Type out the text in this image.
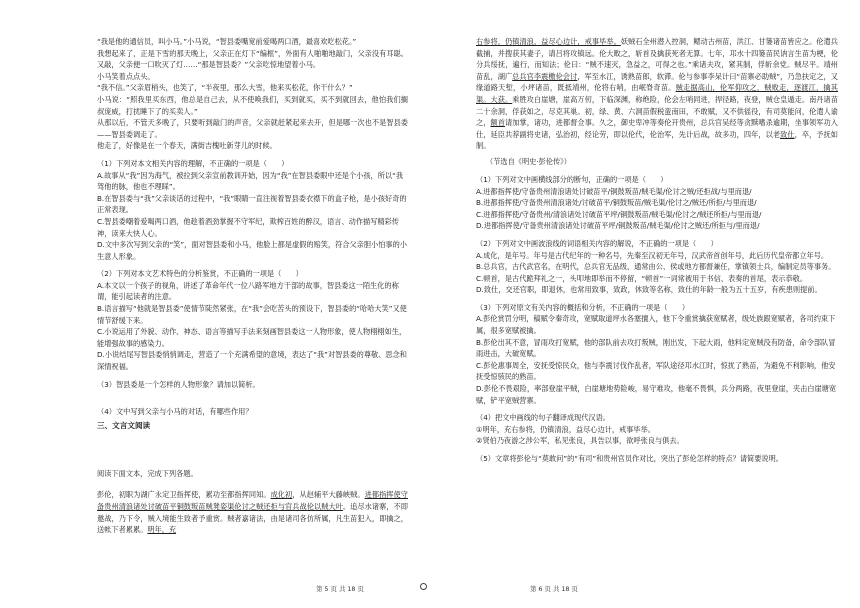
“我是他的通信员，叫小马。”小马说，“智县委嘴宽前爱喝两口酒，最喜欢吃松花。”

我想起来了，正是下雪的那天晚上，父亲正在灯下“编框”，外面有人啪啪地敲门，父亲没有耳聪。又敲，父亲便一口吹灭了灯……“那是智县委？”父亲吃惊地望着小马。

小马笑着点点头。

“我不信。”父亲眉梢头，也笑了，“半夜里，那么大雪，他来买松花，你干什么？”

小马说：“照我里买东西，他总是自己去，从不使唤我们，买到就买，买不到就回去，他怕我们搁叔庞威，打扰睡下了的买卖人。”

从那以后，不管天多晚了，只要听到敲门的声音，父亲就赶紧起来去开，但是哪一次也不是智县委——智县委调走了。

他走了，好像是在一个春天，满街吉槐吐新芽儿的时候。

（1）下列对本文相关内容的理解，不正确的一项是（　　）

A.故事从“我”因为海气，被拉到父亲宣前教训开始，因为“我”在智县委眼中还是个小孩，所以“我驾他的脉，他也不理睬”。

B.在智县委与“我”父亲谈话的过程中，“我”眼睛一直注视着智县委衣襟下的盒子枪，是小孩好奇的正常表现。

C.智县委嘲着爱喝两口酒，他趁着酒劲掌握不守军纪，欺榨百姓的醉汉，语言、动作描写精彩传神，读来大快人心。

D.文中多次写到父亲的“笑”，面对智县委和小马，他脸上都是虚假的赔笑，符合父亲胆小怕事的小生意人形象。

（2）下列对本文艺术特色的分析鉴赏，不正确的一项是（　　）

A.本文以一个孩子的视角，讲述了革命年代一位八路军地方干部的故事，智县委这一陌生化的称谓，能引起读者的注意。

B.语言描写“他就是智县委”使情节陡然紧张，在“我”会吃苦头的预设下，智县委的“哈哈大笑”又使情节舒缓下来。

C.小说运用了外貌、动作、神态、语言等描写手法来刻画智县委这一人物形象，使人物栩栩如生，能增强故事的感染力。

D.小说结尾写智县委悄悄调走，营造了一个充满希望的意境，表达了“我”对智县委的尊敬、思念和深情祝福。

（3）智县委是一个怎样的人物形象？请加以简析。

（4）文中写到父亲与小马的对话，有哪些作用？

三、文言文阅读

阅读下面文本，完成下列各题。

彭伦，初职为湖广永定卫指挥使，累功至都指挥同知。成化初，从赵辅平大藤峡贼。进都指挥使守备贵州清浪诸处讨破苗平铜鼓叛苗贼凳姿渠伦讨之贼还拒与官兵战伦以贼大叶。追尽水诸寨，不即邀战，乃下令，贼入境能生致者予重赏。贼者嘉诸法，由是诸司各仿所属，凡生苗犯入，即擒之，送帐下者累累。明年，充

右参将，仍镇清浪，益尽心边计，戒事毕举。妖贼石全州潜入控洞，鳃动古州苗，洪江、甘篓诸苗皆应之。伦遣兵截捕，并搜获其妻子，请吕将攻镇远。伦大畋之，斩首及擒获死者无算。七年，邛水十四篓苗民讷言生苗为梗，伦分兵绥抚，遍行，而知法；伦曰：“贼不速灭，急益之，可得之也。”乘诸夫攻，紧其制，俘斩余党。贼尽平。靖州苗乱，湖广总兵官李震檄伦会讨，军至水江，诱熟苗郎，软滞。伦与参事李呆计曰“苗寨必助贼”，乃急扶定之，又缘道路天堑，小坪诸苗，既抵靖州，伦将右哨，由岷脊奇苗。贼走据高山，伦军仰攻之，贼败走，逐渡江，擒其渠。大获。乘胜攻白崖塘，崖高万仞，下临深渊，称绝险，伦会左哨同进，捍径路，夜登，贼仓皇遁走。南丹诸苗二十余洞，俘获如之，尽克其巢。初，绿、黄、六洞苗假税蛮南田，不敢赋，又不供徭役，有司莫能问，伦遣人谕之，额首请加掌，诸功，进都督佥事。久之，御史卑冲等奏伦开贵州，总兵官吴经等贪黩嗜杀逾期，坐事领军功入仕，延臣共荐副将史诸，弘治初，经论劳，即以伦代，伦治军，先计后战，故多功，四年，以老致仕，卒，予抚如制。

（节选自《明史·彭伦传》）

（1）下列对文中画横线部分的断句，正确的一项是（　　）

A.进都指挥使/守备贵州清浪诸处讨破苗平/铜鼓叛苗/贼毛渠/伦讨之贼/还拒战/与里而退/

B.进都指挥使/守备贵州清浪诸处/讨破苗平/铜鼓叛苗/贼毛渠/伦讨之/贼还/所拒/与里而退/

C.进都指挥使/守备贵州/清浪诸处讨破苗平坪/铜鼓叛苗/贼毛渠/伦讨之/贼还所拒/与里而退/

D.进都指挥使/守备贵州清浪诸处讨破苗平坪/铜鼓叛苗/贼毛渠/伦讨之贼还/所拒与/里而退/

（2）下列对文中画波浪线的词语相关内容的解说，不正确的一项是（　　）

A.成化，是年号。年号是古代纪年的一种名号，先秦至汉初无年号，汉武帝首创年号，此后历代皇帝都立年号。

B.总兵官，古代武官名，在明代，总兵官无品级，通常由公、侯或地方都督兼任，掌镇领士兵，编制定员等事务。

C.顿首，是古代跪拜礼之一，头叩地即举而不停留，“顿首”一词常被用于书信、表奏的首尾，表示恭敬。

D.致仕，交还官职，即退休，也常用致事，致政，休致等名称，致仕的年龄一般为五十五岁，有疾患则提前。

（3）下列对原文有关内容的概括和分析，不正确的一项是（　　）

A.彭伦赏罚分明，稿赋令秦奇攻，宽赋取道坪水各塞擅入，他下令重赏擒获宽赋者，级处族跟宽赋者，各司约束下属，很多宽赋被擒。

B.彭伦出其不意，冒雨攻打宽赋，他的部队前去攻打叛贼，刚出发，下起大雨，他料定宽贼没有防备，命令部队冒雨进击，大破宽赋。

C.彭伦惠事周全，安抚受惊民众，他与李震讨伐作乱者，军队途径邛水江时，惊扰了熟苗，为避免不利影响，他安抚受惊骇民的熟苗。

D.彭伦不畏艰险，率部登崖平贼，白崖塘地势险峻，易守难攻，他毫不畏惧，兵分两路，夜里登崖，夹击白崖塘宽赋，铲平宽贼营寨。

（4）把文中画线的句子翻译成现代汉语。

①明年，充右参将，仍镇清浪，益尽心边计，戒事毕举。

②贤伯乃夜游之涉公军，私见张良，具告以事，欲呼张良与俱去。

（5）文章将彭伦与“莫敢问”的“有司”和贵州官员作对比，突出了彭伦怎样的特点？请简要说明。

第 5 页 共 18 页	第 6 页 共 18 页
